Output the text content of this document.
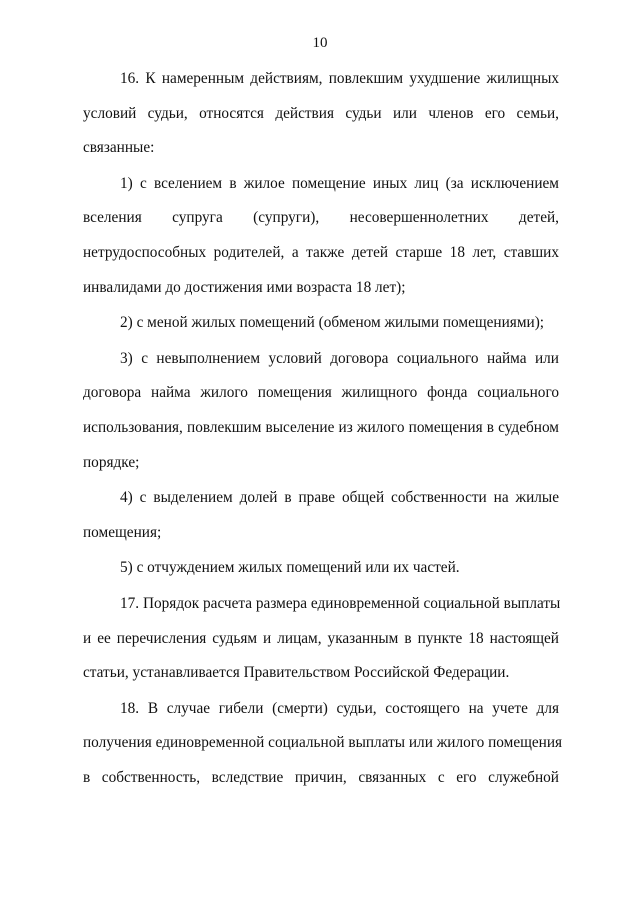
10

16. К намеренным действиям, повлекшим ухудшение жилищных
условий судьи, относятся действия судьи или членов его семьи,
связанные:

1) с вселением в жилое помещение иных лиц (за исключением
вселения супруга (супруги), несовершеннолетних детей,
нетрудоспособных родителей, а также детей старше 18 лет, ставших
инвалидами до достижения ими возраста 18 лет);

2) с меной жилых помещений (обменом жилыми помещениями);

3) с невыполнением условий договора социального найма или
договора найма жилого помещения жилищного фонда социального
использования, повлекшим выселение из жилого помещения в судебном
порядке;

4) с выделением долей в праве общей собственности на жилые
помещения;

5) с отчуждением жилых помещений или их частей.

17. Порядок расчета размера единовременной социальной выплаты
и ее перечисления судьям и лицам, указанным в пункте 18 настоящей
статьи, устанавливается Правительством Российской Федерации.

18. В случае гибели (смерти) судьи, состоящего на учете для
получения единовременной социальной выплаты или жилого помещения
в собственность, вследствие причин, связанных с его служебной
